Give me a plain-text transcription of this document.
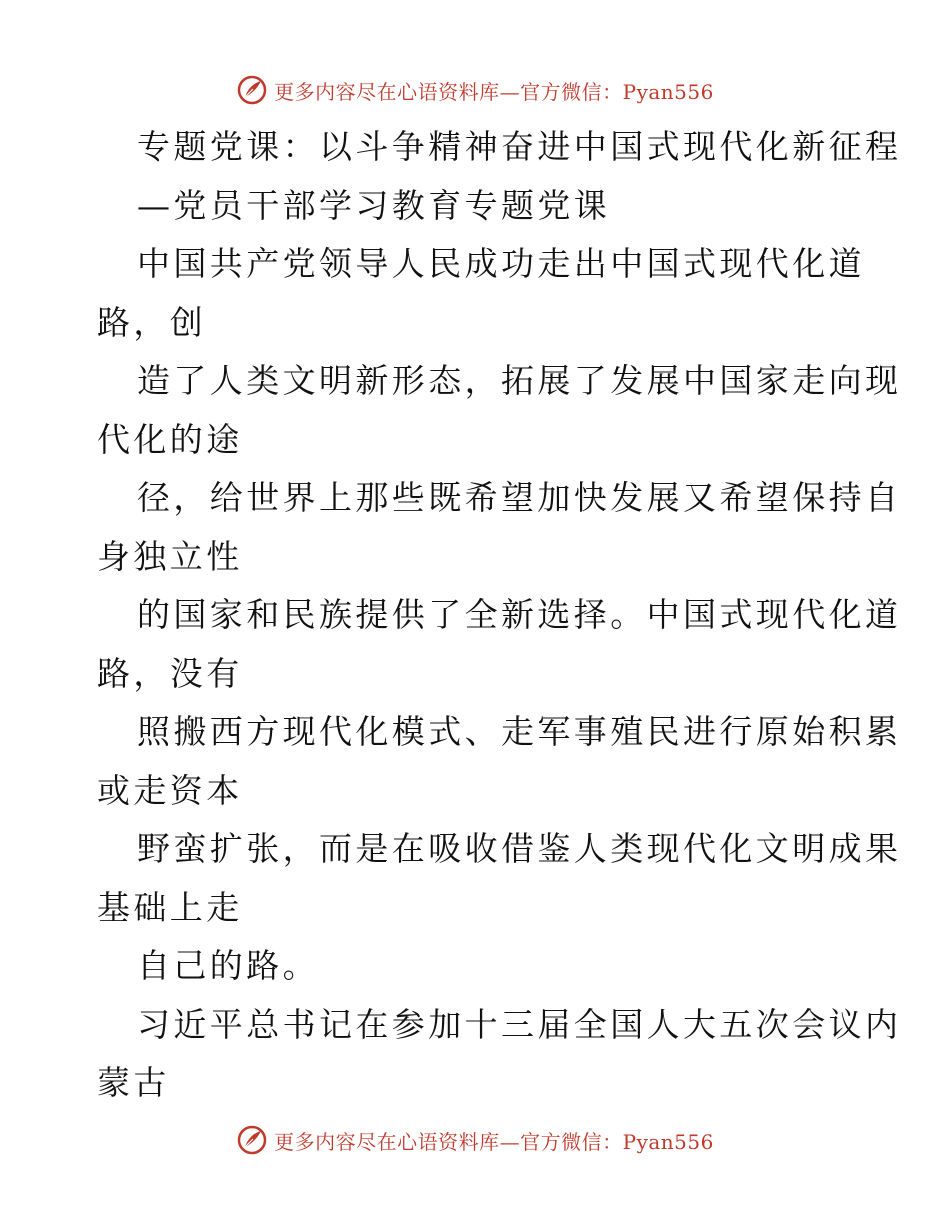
更多内容尽在心语资料库—官方微信：Pyan556
专题党课：以斗争精神奋进中国式现代化新征程
—党员干部学习教育专题党课
中国共产党领导人民成功走出中国式现代化道
路，创
造了人类文明新形态，拓展了发展中国家走向现
代化的途
径，给世界上那些既希望加快发展又希望保持自
身独立性
的国家和民族提供了全新选择。中国式现代化道
路，没有
照搬西方现代化模式、走军事殖民进行原始积累
或走资本
野蛮扩张，而是在吸收借鉴人类现代化文明成果
基础上走
自己的路。
习近平总书记在参加十三届全国人大五次会议内
蒙古
更多内容尽在心语资料库—官方微信：Pyan556
